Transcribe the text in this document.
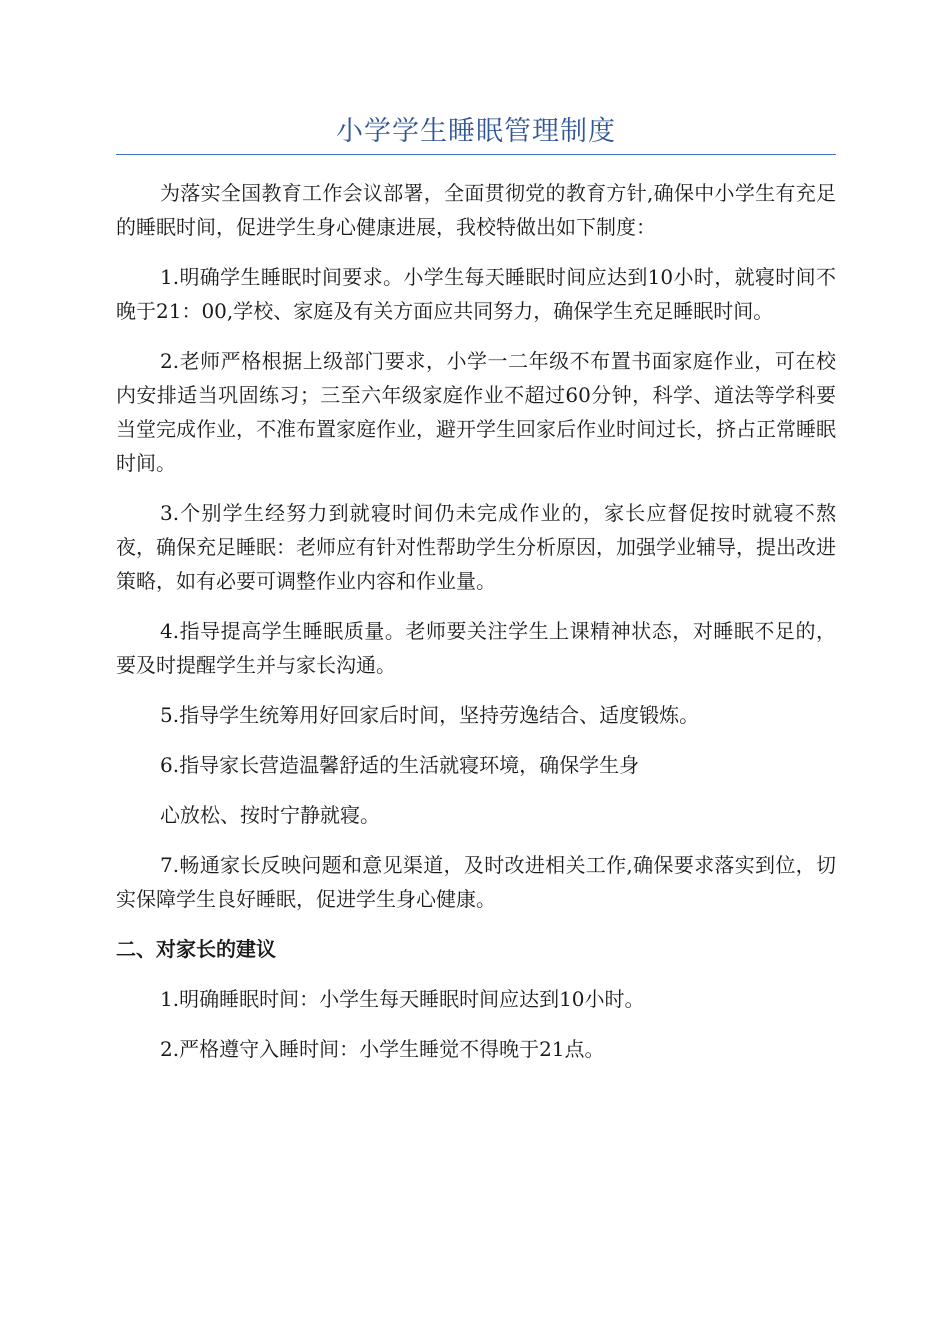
小学学生睡眠管理制度

为落实全国教育工作会议部署，全面贯彻党的教育方针,确保中小学生有充足的睡眠时间，促进学生身心健康进展，我校特做出如下制度：

1.明确学生睡眠时间要求。小学生每天睡眠时间应达到10小时，就寝时间不晚于21：00,学校、家庭及有关方面应共同努力，确保学生充足睡眠时间。

2.老师严格根据上级部门要求，小学一二年级不布置书面家庭作业，可在校内安排适当巩固练习；三至六年级家庭作业不超过60分钟，科学、道法等学科要当堂完成作业，不准布置家庭作业，避开学生回家后作业时间过长，挤占正常睡眠时间。

3.个别学生经努力到就寝时间仍未完成作业的，家长应督促按时就寝不熬夜，确保充足睡眠：老师应有针对性帮助学生分析原因，加强学业辅导，提出改进策略，如有必要可调整作业内容和作业量。

4.指导提高学生睡眠质量。老师要关注学生上课精神状态，对睡眠不足的，要及时提醒学生并与家长沟通。

5.指导学生统筹用好回家后时间，坚持劳逸结合、适度锻炼。

6.指导家长营造温馨舒适的生活就寝环境，确保学生身

心放松、按时宁静就寝。

7.畅通家长反映问题和意见渠道，及时改进相关工作,确保要求落实到位，切实保障学生良好睡眠，促进学生身心健康。

二、对家长的建议

1.明确睡眠时间：小学生每天睡眠时间应达到10小时。

2.严格遵守入睡时间：小学生睡觉不得晚于21点。
